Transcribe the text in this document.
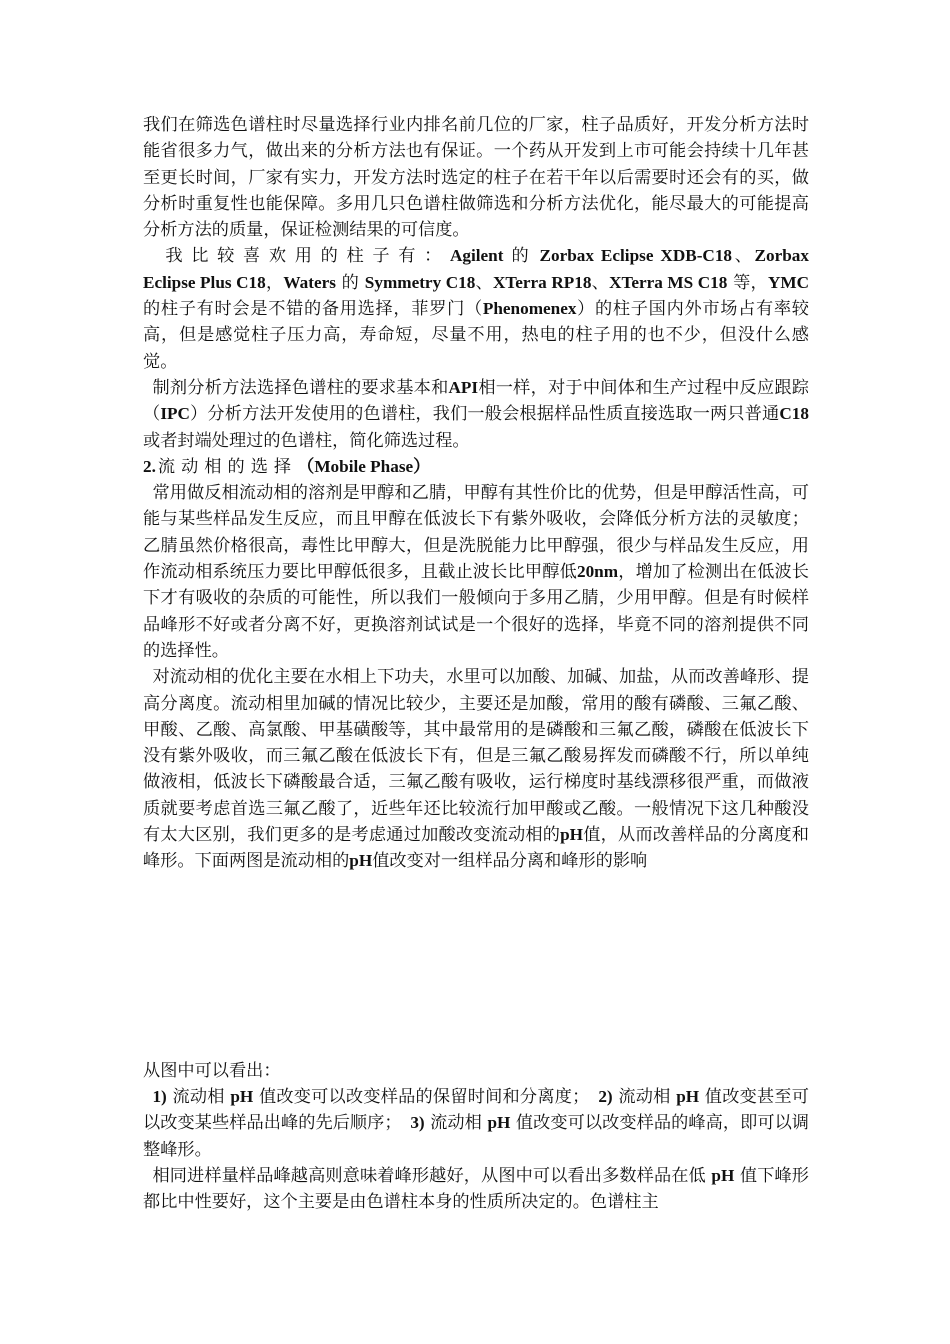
我们在筛选色谱柱时尽量选择行业内排名前几位的厂家，柱子品质好，开发分析方法时能省很多力气，做出来的分析方法也有保证。一个药从开发到上市可能会持续十几年甚至更长时间，厂家有实力，开发方法时选定的柱子在若干年以后需要时还会有的买，做分析时重复性也能保障。多用几只色谱柱做筛选和分析方法优化，能尽最大的可能提高分析方法的质量，保证检测结果的可信度。

我比较喜欢用的柱子有：Agilent 的 Zorbax Eclipse XDB-C18、Zorbax Eclipse Plus C18，Waters 的 Symmetry C18、XTerra RP18、XTerra MS C18 等，YMC 的柱子有时会是不错的备用选择，菲罗门（Phenomenex）的柱子国内外市场占有率较高，但是感觉柱子压力高，寿命短，尽量不用，热电的柱子用的也不少，但没什么感觉。

制剂分析方法选择色谱柱的要求基本和API相一样，对于中间体和生产过程中反应跟踪（IPC）分析方法开发使用的色谱柱，我们一般会根据样品性质直接选取一两只普通C18或者封端处理过的色谱柱，简化筛选过程。

2. 流动相的选择（Mobile Phase）

常用做反相流动相的溶剂是甲醇和乙腈，甲醇有其性价比的优势，但是甲醇活性高，可能与某些样品发生反应，而且甲醇在低波长下有紫外吸收，会降低分析方法的灵敏度；乙腈虽然价格很高，毒性比甲醇大，但是洗脱能力比甲醇强，很少与样品发生反应，用作流动相系统压力要比甲醇低很多，且截止波长比甲醇低20nm，增加了检测出在低波长下才有吸收的杂质的可能性，所以我们一般倾向于多用乙腈，少用甲醇。但是有时候样品峰形不好或者分离不好，更换溶剂试试是一个很好的选择，毕竟不同的溶剂提供不同的选择性。

对流动相的优化主要在水相上下功夫，水里可以加酸、加碱、加盐，从而改善峰形、提高分离度。流动相里加碱的情况比较少，主要还是加酸，常用的酸有磷酸、三氟乙酸、甲酸、乙酸、高氯酸、甲基磺酸等，其中最常用的是磷酸和三氟乙酸，磷酸在低波长下没有紫外吸收，而三氟乙酸在低波长下有，但是三氟乙酸易挥发而磷酸不行，所以单纯做液相，低波长下磷酸最合适，三氟乙酸有吸收，运行梯度时基线漂移很严重，而做液质就要考虑首选三氟乙酸了，近些年还比较流行加甲酸或乙酸。一般情况下这几种酸没有太大区别，我们更多的是考虑通过加酸改变流动相的pH值，从而改善样品的分离度和峰形。下面两图是流动相的pH值改变对一组样品分离和峰形的影响

从图中可以看出：

1) 流动相 pH 值改变可以改变样品的保留时间和分离度；　2) 流动相 pH 值改变甚至可以改变某些样品出峰的先后顺序；　3) 流动相 pH 值改变可以改变样品的峰高，即可以调整峰形。

相同进样量样品峰越高则意味着峰形越好，从图中可以看出多数样品在低 pH 值下峰形都比中性要好，这个主要是由色谱柱本身的性质所决定的。色谱柱主
